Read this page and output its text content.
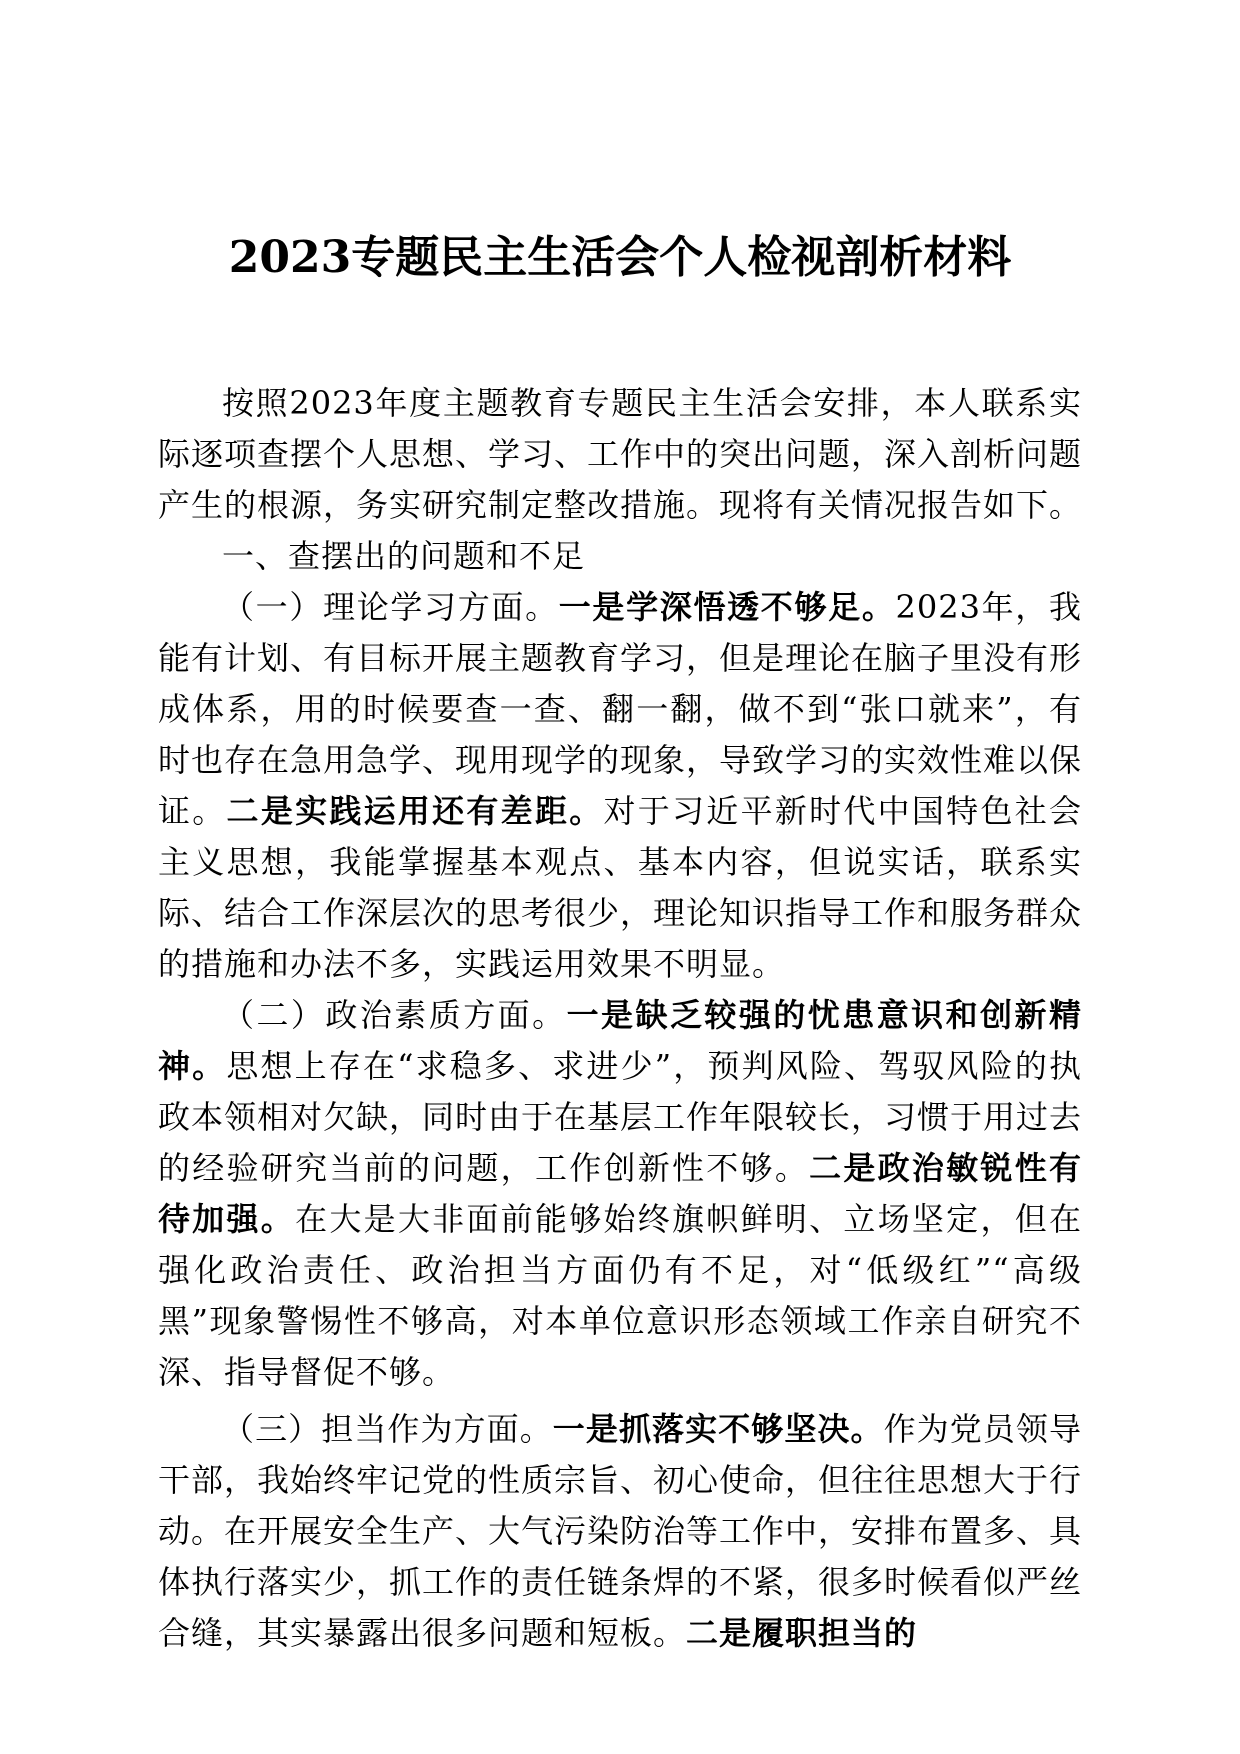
2023专题民主生活会个人检视剖析材料

按照2023年度主题教育专题民主生活会安排，本人联系实际逐项查摆个人思想、学习、工作中的突出问题，深入剖析问题产生的根源，务实研究制定整改措施。现将有关情况报告如下。

一、查摆出的问题和不足

（一）理论学习方面。一是学深悟透不够足。2023年，我能有计划、有目标开展主题教育学习，但是理论在脑子里没有形成体系，用的时候要查一查、翻一翻，做不到“张口就来”，有时也存在急用急学、现用现学的现象，导致学习的实效性难以保证。二是实践运用还有差距。对于习近平新时代中国特色社会主义思想，我能掌握基本观点、基本内容，但说实话，联系实际、结合工作深层次的思考很少，理论知识指导工作和服务群众的措施和办法不多，实践运用效果不明显。

（二）政治素质方面。一是缺乏较强的忧患意识和创新精神。思想上存在“求稳多、求进少”，预判风险、驾驭风险的执政本领相对欠缺，同时由于在基层工作年限较长，习惯于用过去的经验研究当前的问题，工作创新性不够。二是政治敏锐性有待加强。在大是大非面前能够始终旗帜鲜明、立场坚定，但在强化政治责任、政治担当方面仍有不足，对“低级红”“高级黑”现象警惕性不够高，对本单位意识形态领域工作亲自研究不深、指导督促不够。

（三）担当作为方面。一是抓落实不够坚决。作为党员领导干部，我始终牢记党的性质宗旨、初心使命，但往往思想大于行动。在开展安全生产、大气污染防治等工作中，安排布置多、具体执行落实少，抓工作的责任链条焊的不紧，很多时候看似严丝合缝，其实暴露出很多问题和短板。二是履职担当的
